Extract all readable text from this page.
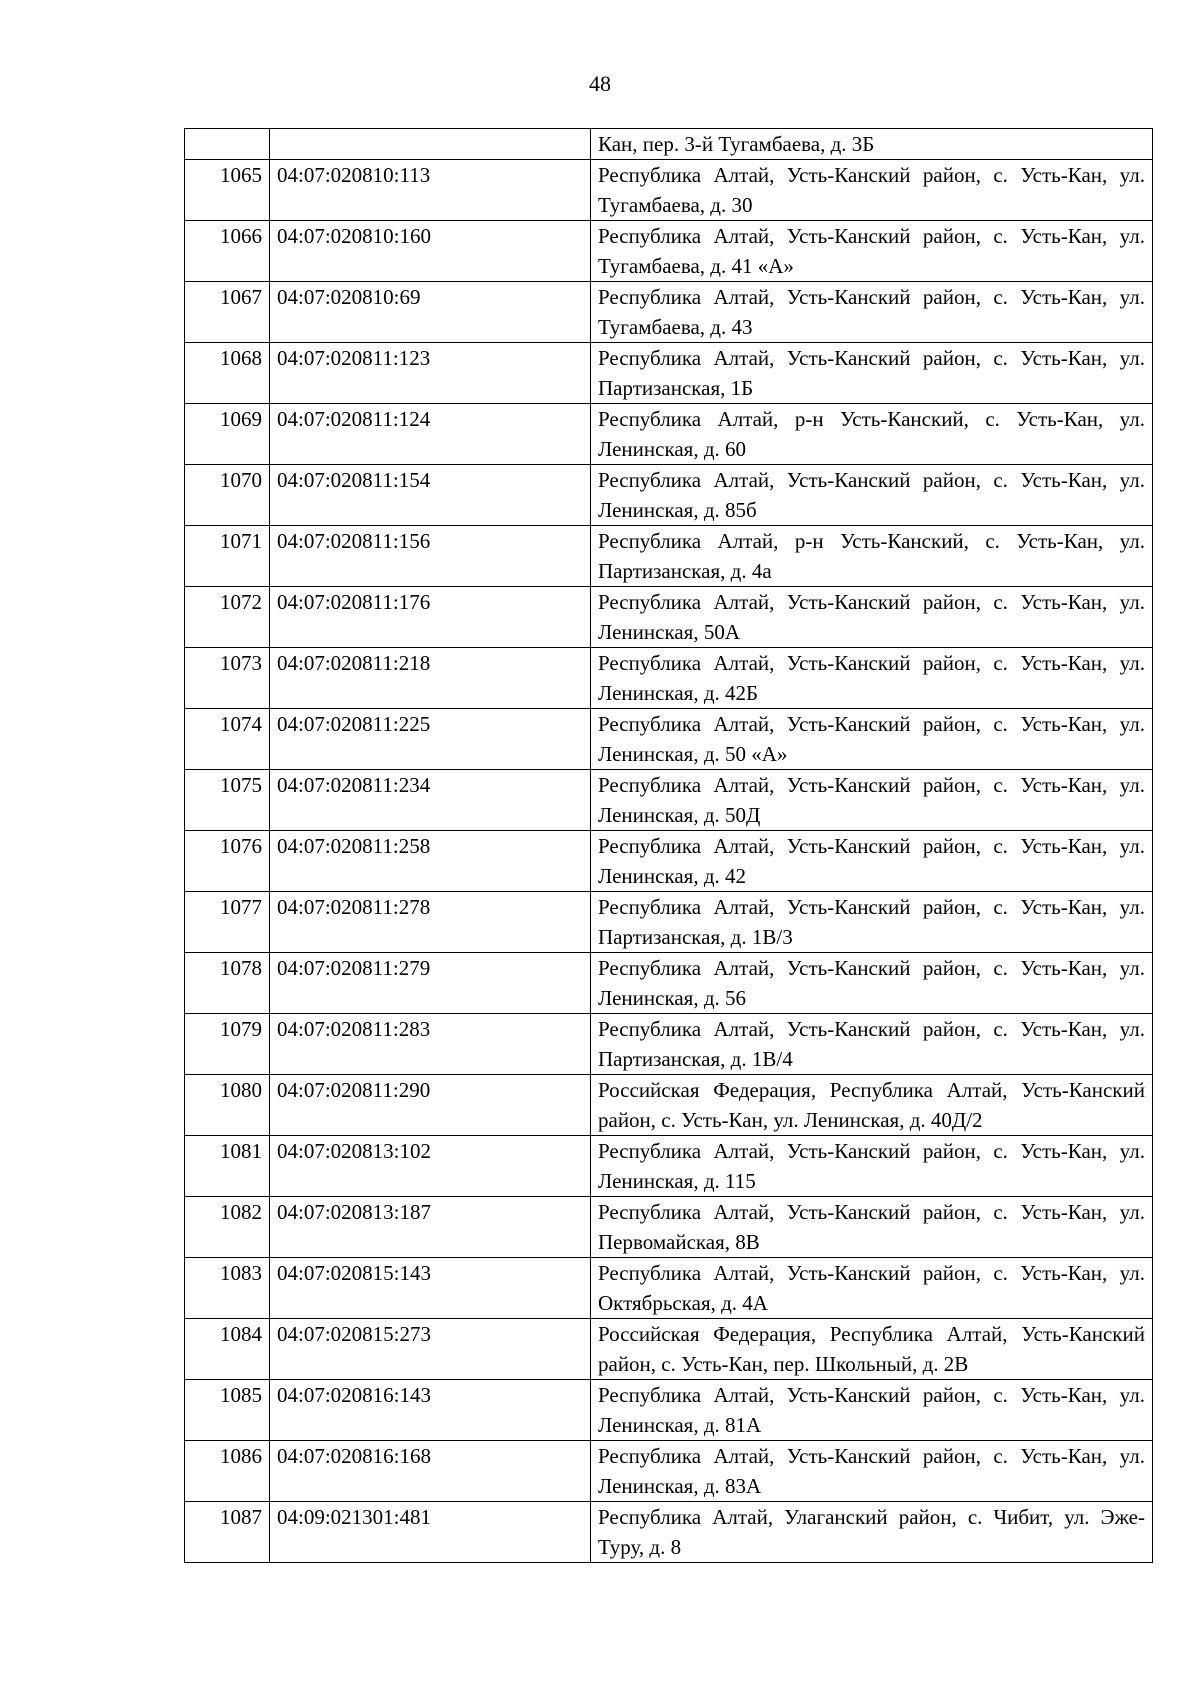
48
		Кан, пер. 3-й Тугамбаева, д. 3Б
1065	04:07:020810:113	Республика Алтай, Усть-Канский район, с. Усть-Кан, ул. Тугамбаева, д. 30
1066	04:07:020810:160	Республика Алтай, Усть-Канский район, с. Усть-Кан, ул. Тугамбаева, д. 41 «А»
1067	04:07:020810:69	Республика Алтай, Усть-Канский район, с. Усть-Кан, ул. Тугамбаева, д. 43
1068	04:07:020811:123	Республика Алтай, Усть-Канский район, с. Усть-Кан, ул. Партизанская, 1Б
1069	04:07:020811:124	Республика Алтай, р-н Усть-Канский, с. Усть-Кан, ул. Ленинская, д. 60
1070	04:07:020811:154	Республика Алтай, Усть-Канский район, с. Усть-Кан, ул. Ленинская, д. 85б
1071	04:07:020811:156	Республика Алтай, р-н Усть-Канский, с. Усть-Кан, ул. Партизанская, д. 4а
1072	04:07:020811:176	Республика Алтай, Усть-Канский район, с. Усть-Кан, ул. Ленинская, 50А
1073	04:07:020811:218	Республика Алтай, Усть-Канский район, с. Усть-Кан, ул. Ленинская, д. 42Б
1074	04:07:020811:225	Республика Алтай, Усть-Канский район, с. Усть-Кан, ул. Ленинская, д. 50 «А»
1075	04:07:020811:234	Республика Алтай, Усть-Канский район, с. Усть-Кан, ул. Ленинская, д. 50Д
1076	04:07:020811:258	Республика Алтай, Усть-Канский район, с. Усть-Кан, ул. Ленинская, д. 42
1077	04:07:020811:278	Республика Алтай, Усть-Канский район, с. Усть-Кан, ул. Партизанская, д. 1В/3
1078	04:07:020811:279	Республика Алтай, Усть-Канский район, с. Усть-Кан, ул. Ленинская, д. 56
1079	04:07:020811:283	Республика Алтай, Усть-Канский район, с. Усть-Кан, ул. Партизанская, д. 1В/4
1080	04:07:020811:290	Российская Федерация, Республика Алтай, Усть-Канский район, с. Усть-Кан, ул. Ленинская, д. 40Д/2
1081	04:07:020813:102	Республика Алтай, Усть-Канский район, с. Усть-Кан, ул. Ленинская, д. 115
1082	04:07:020813:187	Республика Алтай, Усть-Канский район, с. Усть-Кан, ул. Первомайская, 8В
1083	04:07:020815:143	Республика Алтай, Усть-Канский район, с. Усть-Кан, ул. Октябрьская, д. 4А
1084	04:07:020815:273	Российская Федерация, Республика Алтай, Усть-Канский район, с. Усть-Кан, пер. Школьный, д. 2В
1085	04:07:020816:143	Республика Алтай, Усть-Канский район, с. Усть-Кан, ул. Ленинская, д. 81А
1086	04:07:020816:168	Республика Алтай, Усть-Канский район, с. Усть-Кан, ул. Ленинская, д. 83А
1087	04:09:021301:481	Республика Алтай, Улаганский район, с. Чибит, ул. Эже-Туру, д. 8
